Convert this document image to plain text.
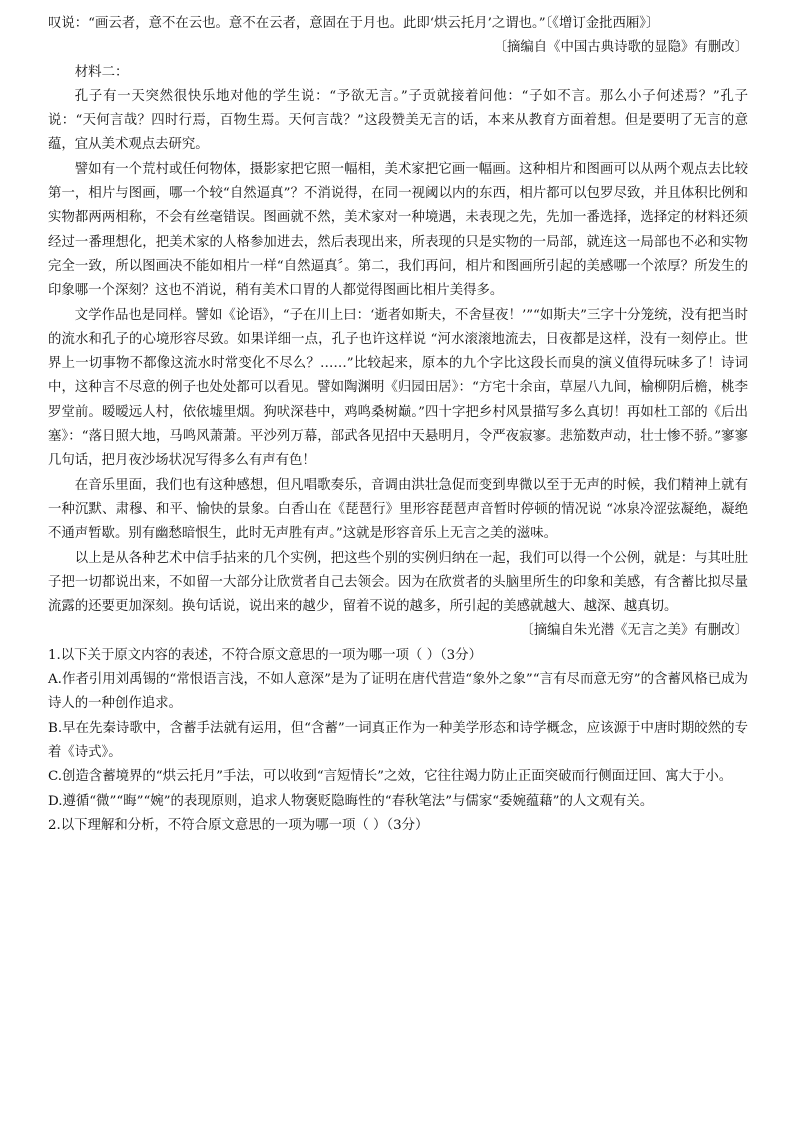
叹说：“画云者，意不在云也。意不在云者，意固在于月也。此即‘烘云托月’之谓也。”〔《增订金批西厢》〕

〔摘编自《中国古典诗歌的显隐》有删改〕

材料二：

孔子有一天突然很快乐地对他的学生说：“予欲无言。”子贡就接着问他：“子如不言。那么小子何述焉？”孔子说：“天何言哉？四时行焉，百物生焉。天何言哉？”这段赞美无言的话，本来从教育方面着想。但是要明了无言的意蕴，宜从美术观点去研究。

譬如有一个荒村或任何物体，摄影家把它照一幅相，美术家把它画一幅画。这种相片和图画可以从两个观点去比较 第一，相片与图画，哪一个较“自然逼真”？不消说得，在同一视阈以内的东西，相片都可以包罗尽致，并且体积比例和实物都两两相称，不会有丝毫错误。图画就不然，美术家对一种境遇，未表现之先，先加一番选择，选择定的材料还须经过一番理想化，把美术家的人格参加进去，然后表现出来，所表现的只是实物的一局部，就连这一局部也不必和实物完全一致，所以图画决不能如相片一样“自然逼真〞。第二，我们再问，相片和图画所引起的美感哪一个浓厚？所发生的印象哪一个深刻？这也不消说，稍有美术口胃的人都觉得图画比相片美得多。

文学作品也是同样。譬如《论语》，“子在川上曰：‘逝者如斯夫，不舍昼夜！’”“如斯夫”三字十分笼统，没有把当时的流水和孔子的心境形容尽致。如果详细一点，孔子也许这样说 “河水滚滚地流去，日夜都是这样，没有一刻停止。世界上一切事物不都像这流水时常变化不尽么？……”比较起来，原本的九个字比这段长而臭的演义值得玩味多了！诗词中，这种言不尽意的例子也处处都可以看见。譬如陶渊明《归园田居》：“方宅十余亩，草屋八九间，榆柳阴后檐，桃李罗堂前。暧暧远人村，依依墟里烟。狗吠深巷中，鸡鸣桑树巅。”四十字把乡村风景描写多么真切！再如杜工部的《后出塞》：“落日照大地，马鸣风萧萧。平沙列万幕，部武各见招中天悬明月，令严夜寂寥。悲笳数声动，壮士惨不骄。”寥寥几句话，把月夜沙场状况写得多么有声有色！

在音乐里面，我们也有这种感想，但凡唱歌奏乐，音调由洪壮急促而变到卑微以至于无声的时候，我们精神上就有一种沉默、肃穆、和平、愉快的景象。白香山在《琵琶行》里形容琵琶声音暂时停顿的情况说 “冰泉冷涩弦凝绝，凝绝不通声暂歇。别有幽愁暗恨生，此时无声胜有声。”这就是形容音乐上无言之美的滋味。

以上是从各种艺术中信手拈来的几个实例，把这些个别的实例归纳在一起，我们可以得一个公例，就是：与其吐肚子把一切都说出来，不如留一大部分让欣赏者自己去领会。因为在欣赏者的头脑里所生的印象和美感，有含蓄比拟尽量流露的还要更加深刻。换句话说，说出来的越少，留着不说的越多，所引起的美感就越大、越深、越真切。

〔摘编自朱光潜《无言之美》有删改〕

1.以下关于原文内容的表述，不符合原文意思的一项为哪一项（ ）（3分）

A.作者引用刘禹锡的“常恨语言浅，不如人意深”是为了证明在唐代营造“象外之象”“言有尽而意无穷”的含蓄风格已成为诗人的一种创作追求。

B.早在先秦诗歌中，含蓄手法就有运用，但“含蓄”一词真正作为一种美学形态和诗学概念，应该源于中唐时期皎然的专着《诗式》。

C.创造含蓄境界的“烘云托月”手法，可以收到“言短情长”之效，它往往竭力防止正面突破而行侧面迂回、寓大于小。

D.遵循“微”“晦”“婉”的表现原则，追求人物褒贬隐晦性的“春秋笔法”与儒家“委婉蕴藉”的人文观有关。

2.以下理解和分析，不符合原文意思的一项为哪一项（ ）（3分）
